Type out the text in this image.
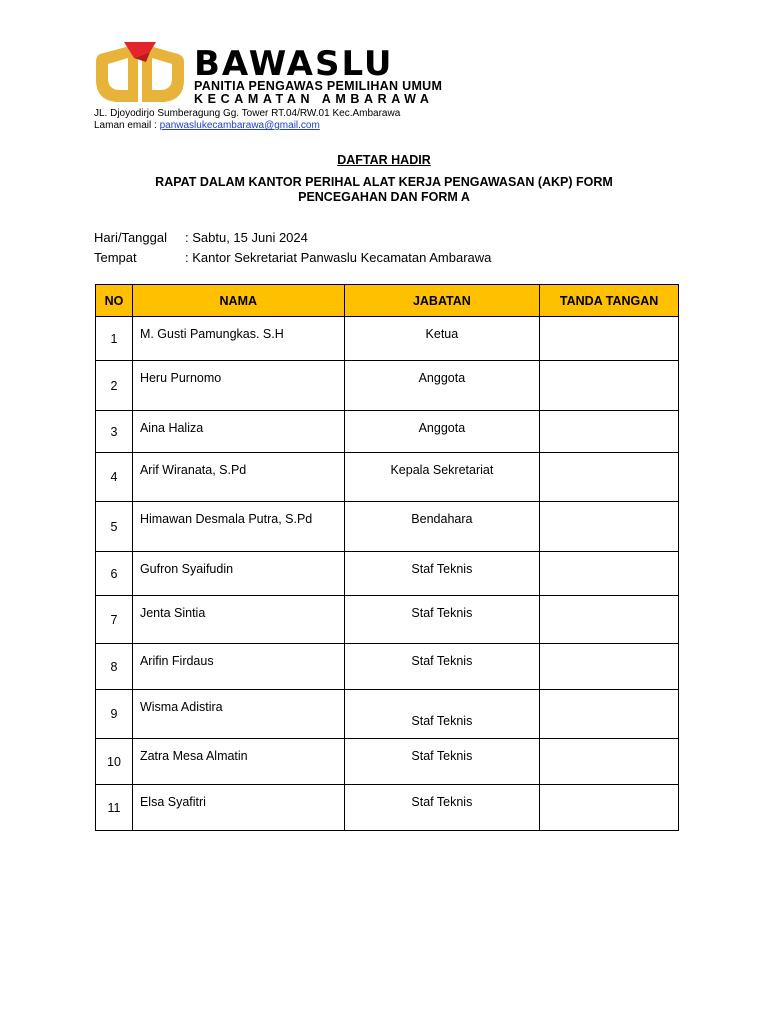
BAWASLU
PANITIA PENGAWAS PEMILIHAN UMUM
KECAMATAN AMBARAWA
JL. Djoyodirjo Sumberagung Gg. Tower RT.04/RW.01 Kec.Ambarawa
Laman email : panwaslukecambarawa@gmail.com
DAFTAR HADIR
RAPAT DALAM KANTOR PERIHAL ALAT KERJA PENGAWASAN (AKP) FORM
PENCEGAHAN DAN FORM A
Hari/Tanggal : Sabtu, 15 Juni 2024
Tempat	: Kantor Sekretariat Panwaslu Kecamatan Ambarawa
NO	NAMA	JABATAN	TANDA TANGAN
1	M. Gusti Pamungkas. S.H	Ketua	
2	Heru Purnomo	Anggota	
3	Aina Haliza	Anggota	
4	Arif Wiranata, S.Pd	Kepala Sekretariat	
5	Himawan Desmala Putra, S.Pd	Bendahara	
6	Gufron Syaifudin	Staf Teknis	
7	Jenta Sintia	Staf Teknis	
8	Arifin Firdaus	Staf Teknis	
9	Wisma Adistira	Staf Teknis	
10	Zatra Mesa Almatin	Staf Teknis	
11	Elsa Syafitri	Staf Teknis	
